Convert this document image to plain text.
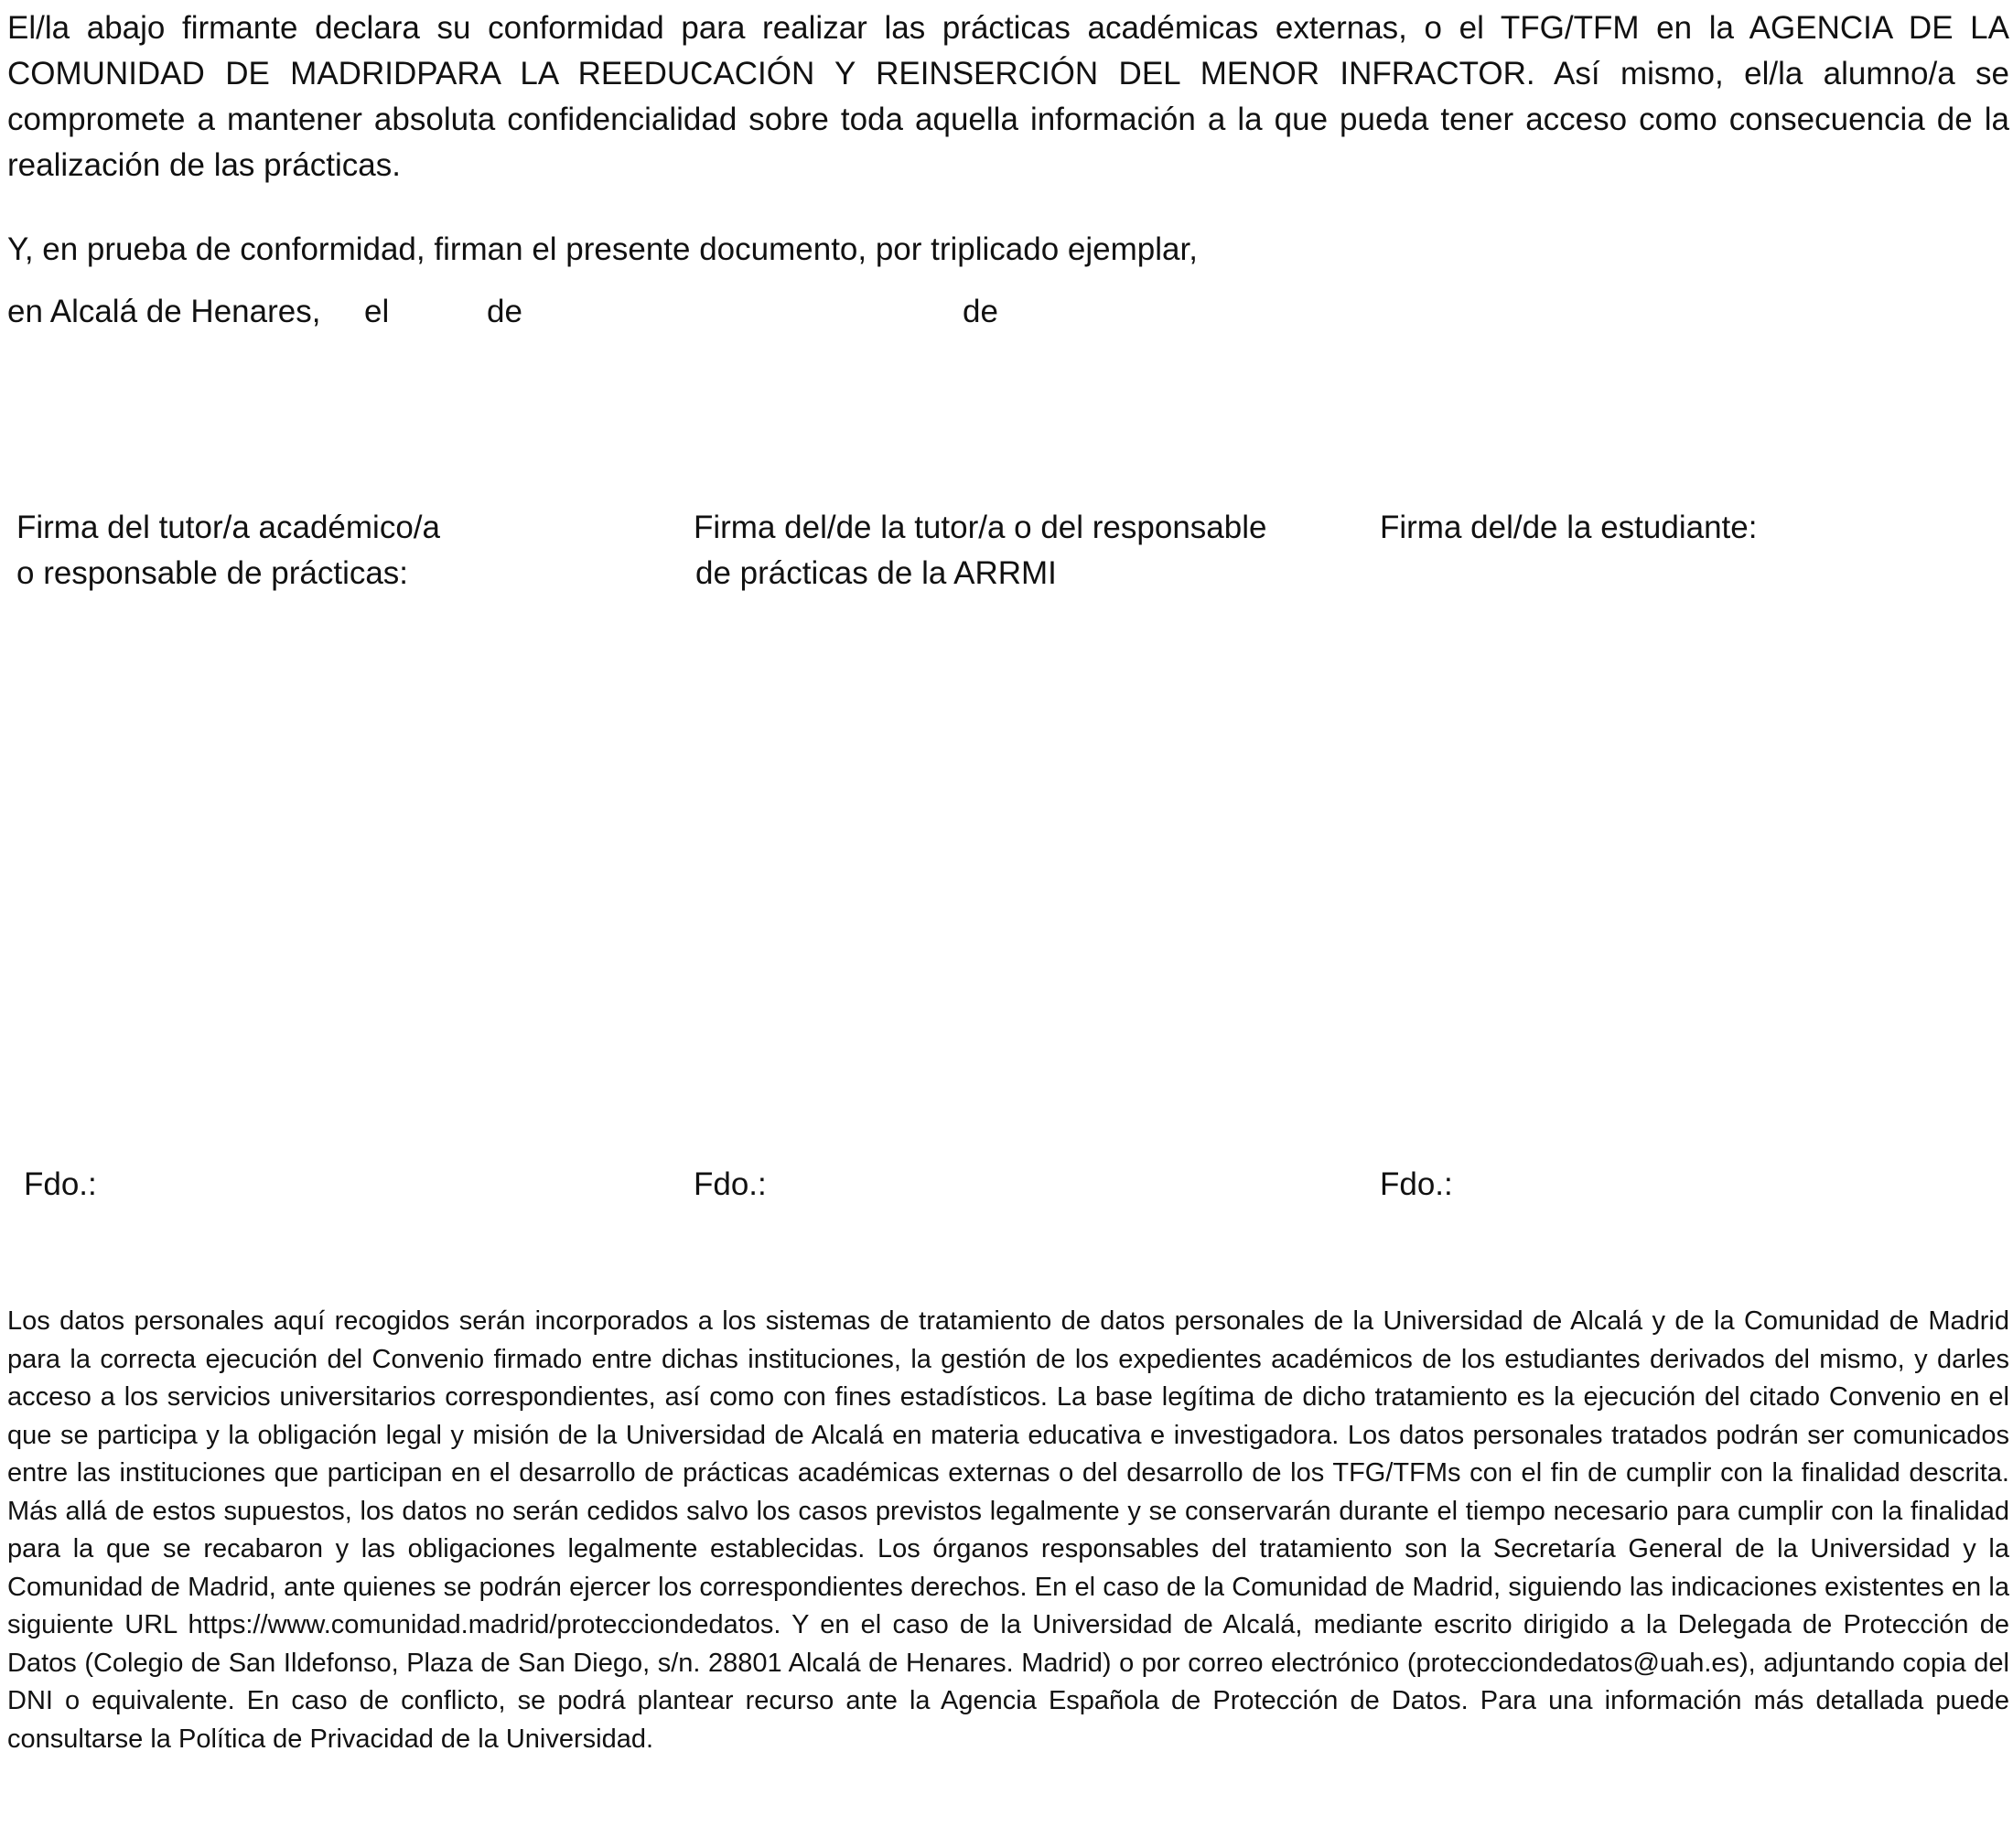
El/la abajo firmante declara su conformidad para realizar las prácticas académicas externas, o el TFG/TFM en la AGENCIA DE LA COMUNIDAD DE MADRIDPARA LA REEDUCACIÓN Y REINSERCIÓN DEL MENOR INFRACTOR. Así mismo, el/la alumno/a se compromete a mantener absoluta confidencialidad sobre toda aquella información a la que pueda tener acceso como consecuencia de la realización de las prácticas.

Y, en prueba de conformidad, firman el presente documento, por triplicado ejemplar,

en Alcalá de Henares, el	de	de

Firma del tutor/a académico/a

o responsable de prácticas:

Fdo.:

Firma del/de la tutor/a o del responsable

de prácticas de la ARRMI

Fdo.:

Firma del/de la estudiante:

Fdo.:

Los datos personales aquí recogidos serán incorporados a los sistemas de tratamiento de datos personales de la Universidad de Alcalá y de la Comunidad de Madrid para la correcta ejecución del Convenio firmado entre dichas instituciones, la gestión de los expedientes académicos de los estudiantes derivados del mismo, y darles acceso a los servicios universitarios correspondientes, así como con fines estadísticos. La base legítima de dicho tratamiento es la ejecución del citado Convenio en el que se participa y la obligación legal y misión de la Universidad de Alcalá en materia educativa e investigadora. Los datos personales tratados podrán ser comunicados entre las instituciones que participan en el desarrollo de prácticas académicas externas o del desarrollo de los TFG/TFMs con el fin de cumplir con la finalidad descrita. Más allá de estos supuestos, los datos no serán cedidos salvo los casos previstos legalmente y se conservarán durante el tiempo necesario para cumplir con la finalidad para la que se recabaron y las obligaciones legalmente establecidas. Los órganos responsables del tratamiento son la Secretaría General de la Universidad y la Comunidad de Madrid, ante quienes se podrán ejercer los correspondientes derechos. En el caso de la Comunidad de Madrid, siguiendo las indicaciones existentes en la siguiente URL https://www.comunidad.madrid/protecciondedatos. Y en el caso de la Universidad de Alcalá, mediante escrito dirigido a la Delegada de Protección de Datos (Colegio de San Ildefonso, Plaza de San Diego, s/n. 28801 Alcalá de Henares. Madrid) o por correo electrónico (protecciondedatos@uah.es), adjuntando copia del DNI o equivalente. En caso de conflicto, se podrá plantear recurso ante la Agencia Española de Protección de Datos. Para una información más detallada puede consultarse la Política de Privacidad de la Universidad.
